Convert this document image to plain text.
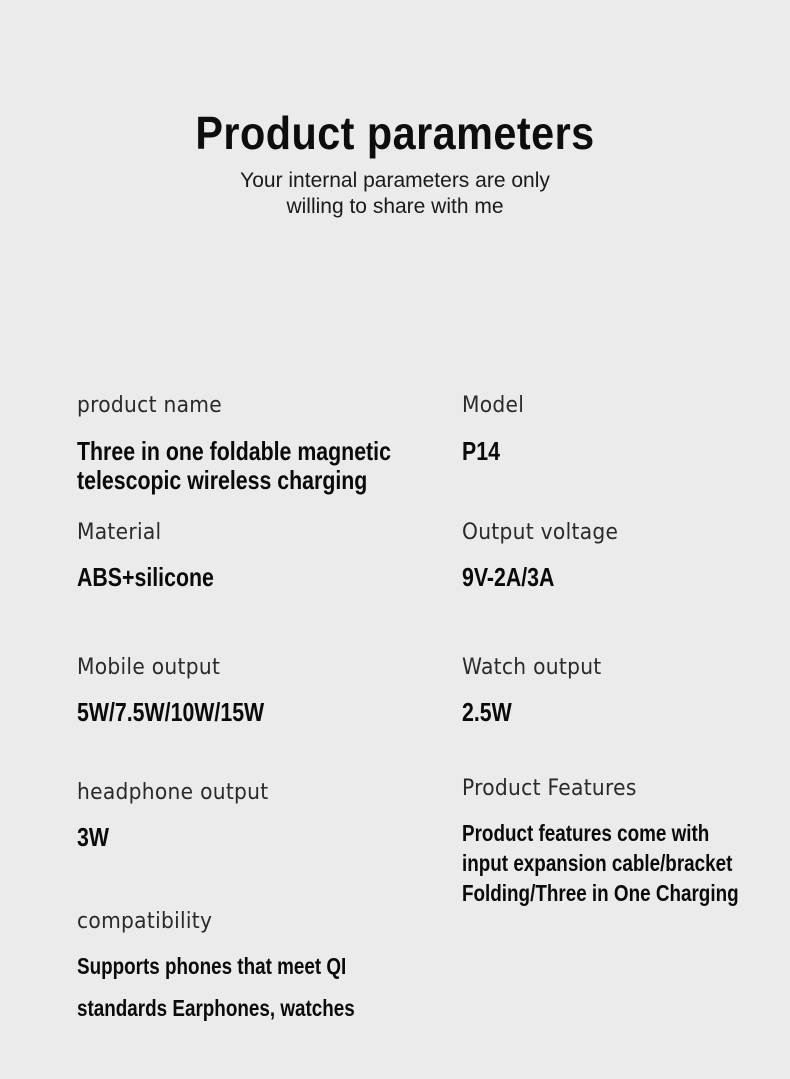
Product parameters
Your internal parameters are only
willing to share with me
product name
Three in one foldable magnetic
telescopic wireless charging
Material
ABS+silicone
Mobile output
5W/7.5W/10W/15W
headphone output
3W
compatibility
Supports phones that meet QI
standards Earphones, watches
Model
P14
Output voltage
9V-2A/3A
Watch output
2.5W
Product Features
Product features come with
input expansion cable/bracket
Folding/Three in One Charging
